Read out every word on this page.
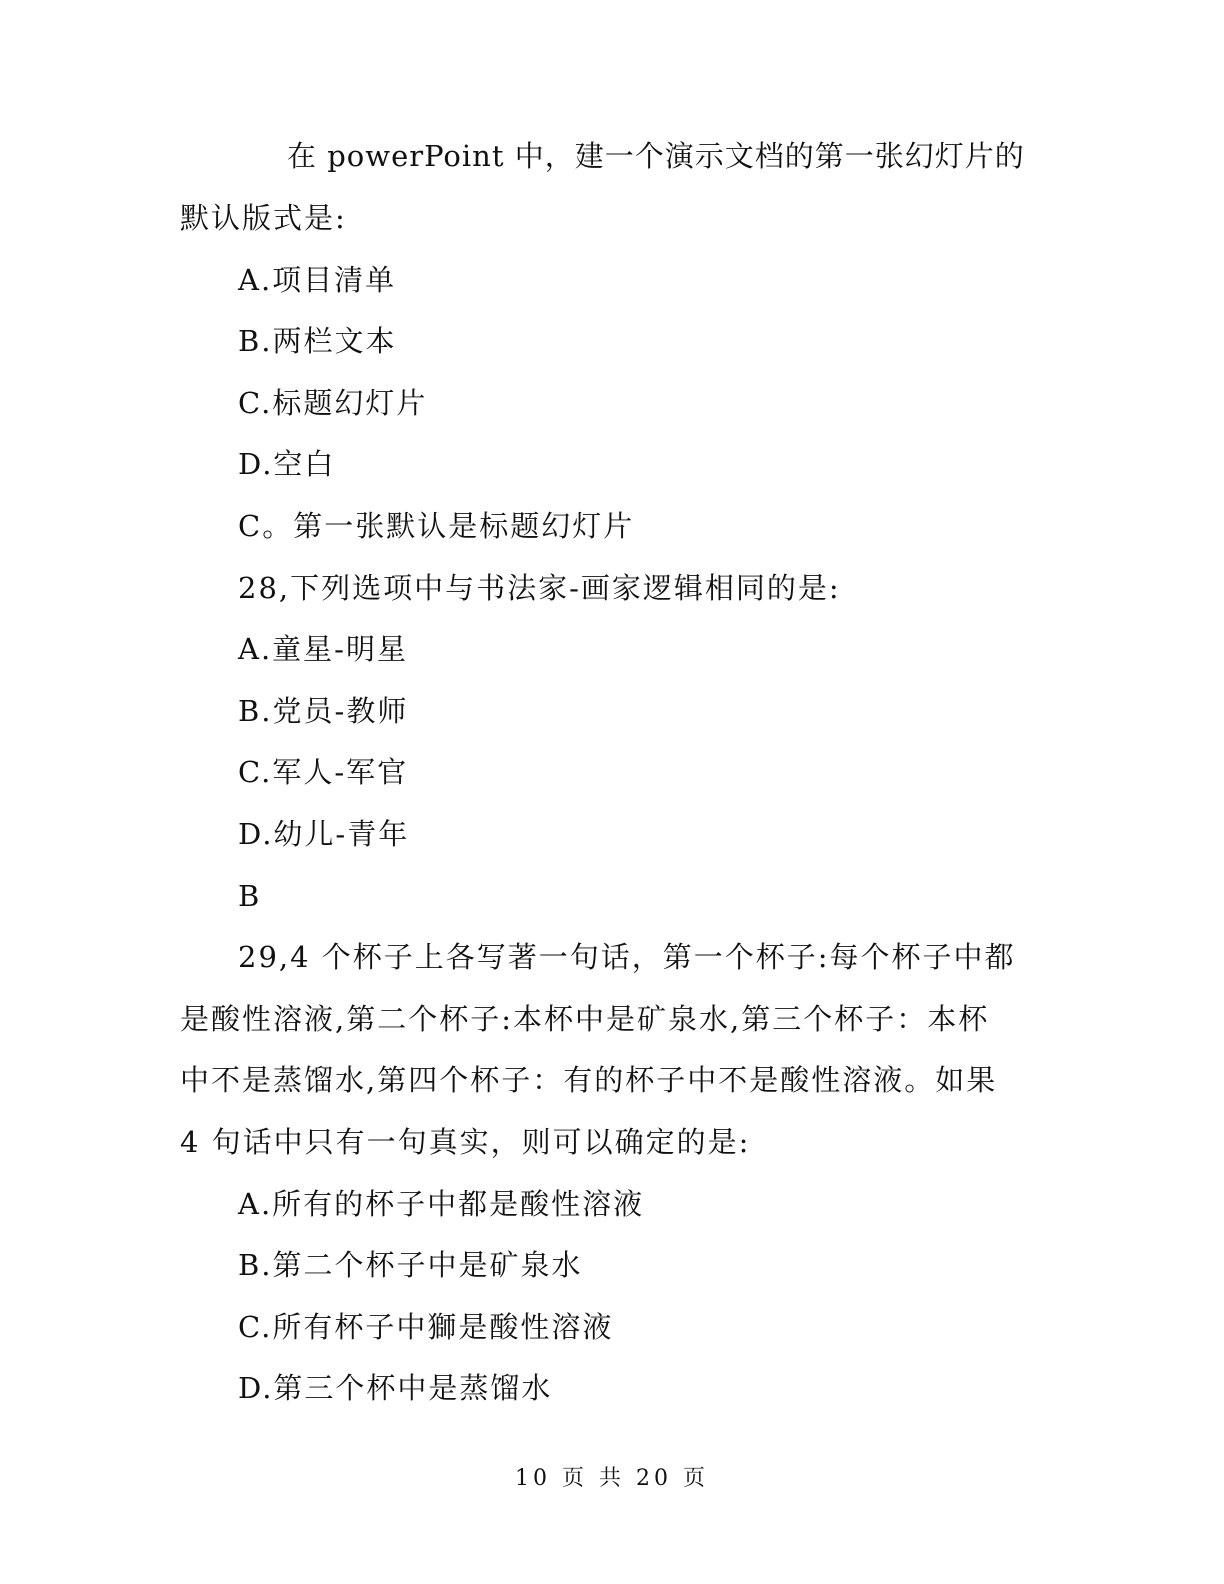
在 powerPoint 中，建一个演示文档的第一张幻灯片的
默认版式是:
A.项目清单
B.两栏文本
C.标题幻灯片
D.空白
C。第一张默认是标题幻灯片
28,下列选项中与书法家-画家逻辑相同的是:
A.童星-明星
B.党员-教师
C.军人-军官
D.幼儿-青年
B
29,4 个杯子上各写著一句话，第一个杯子:每个杯子中都
是酸性溶液,第二个杯子:本杯中是矿泉水,第三个杯子：本杯
中不是蒸馏水,第四个杯子：有的杯子中不是酸性溶液。如果
4 句话中只有一句真实，则可以确定的是:
A.所有的杯子中都是酸性溶液
B.第二个杯子中是矿泉水
C.所有杯子中獅是酸性溶液
D.第三个杯中是蒸馏水
10 页 共 20 页
